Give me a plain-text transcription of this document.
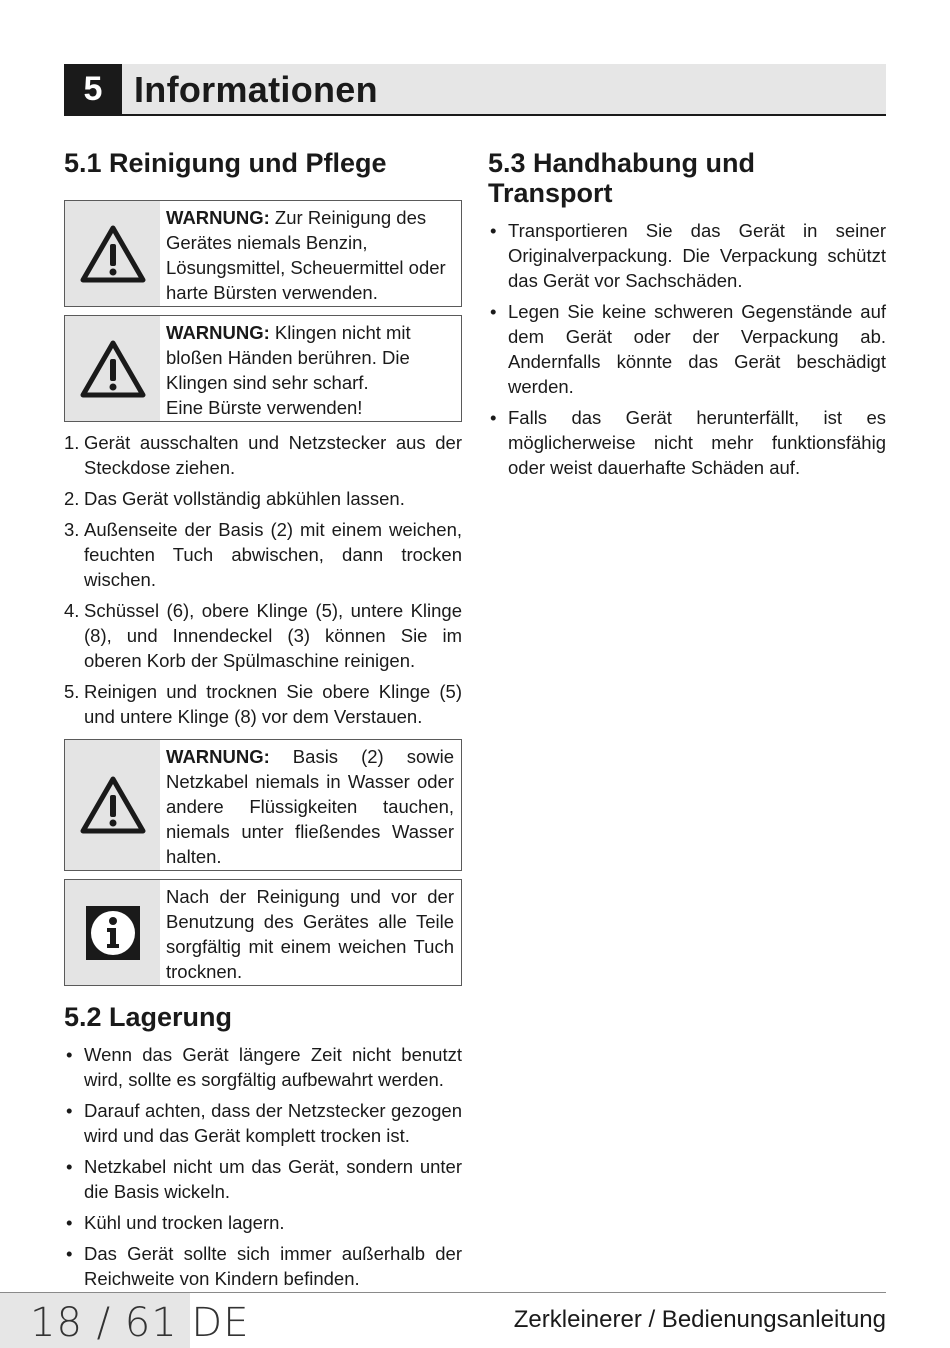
5 Informationen
5.1 Reinigung und Pflege
WARNUNG: Zur Reinigung des Gerätes niemals Benzin, Lösungsmittel, Scheuermittel oder harte Bürsten verwenden.
WARNUNG: Klingen nicht mit bloßen Händen berühren. Die Klingen sind sehr scharf.
Eine Bürste verwenden!
1. Gerät ausschalten und Netzstecker aus der Steckdose ziehen.
2. Das Gerät vollständig abkühlen lassen.
3. Außenseite der Basis (2) mit einem weichen, feuchten Tuch abwischen, dann trocken wischen.
4. Schüssel (6), obere Klinge (5), untere Klinge (8), und Innendeckel (3) können Sie im oberen Korb der Spülmaschine reinigen.
5. Reinigen und trocknen Sie obere Klinge (5) und untere Klinge (8) vor dem Verstauen.
WARNUNG: Basis (2) sowie Netzkabel niemals in Wasser oder andere Flüssigkeiten tauchen, niemals unter fließendes Wasser halten.
Nach der Reinigung und vor der Benutzung des Gerätes alle Teile sorgfältig mit einem weichen Tuch trocknen.
5.2 Lagerung
• Wenn das Gerät längere Zeit nicht benutzt wird, sollte es sorgfältig aufbewahrt werden.
• Darauf achten, dass der Netzstecker gezogen wird und das Gerät komplett trocken ist.
• Netzkabel nicht um das Gerät, sondern unter die Basis wickeln.
• Kühl und trocken lagern.
• Das Gerät sollte sich immer außerhalb der Reichweite von Kindern befinden.
5.3 Handhabung und Transport
• Transportieren Sie das Gerät in seiner Originalverpackung. Die Verpackung schützt das Gerät vor Sachschäden.
• Legen Sie keine schweren Gegenstände auf dem Gerät oder der Verpackung ab. Andernfalls könnte das Gerät beschädigt werden.
• Falls das Gerät herunterfällt, ist es möglicherweise nicht mehr funktionsfähig oder weist dauerhafte Schäden auf.
18 / 61 DE	Zerkleinerer / Bedienungsanleitung
